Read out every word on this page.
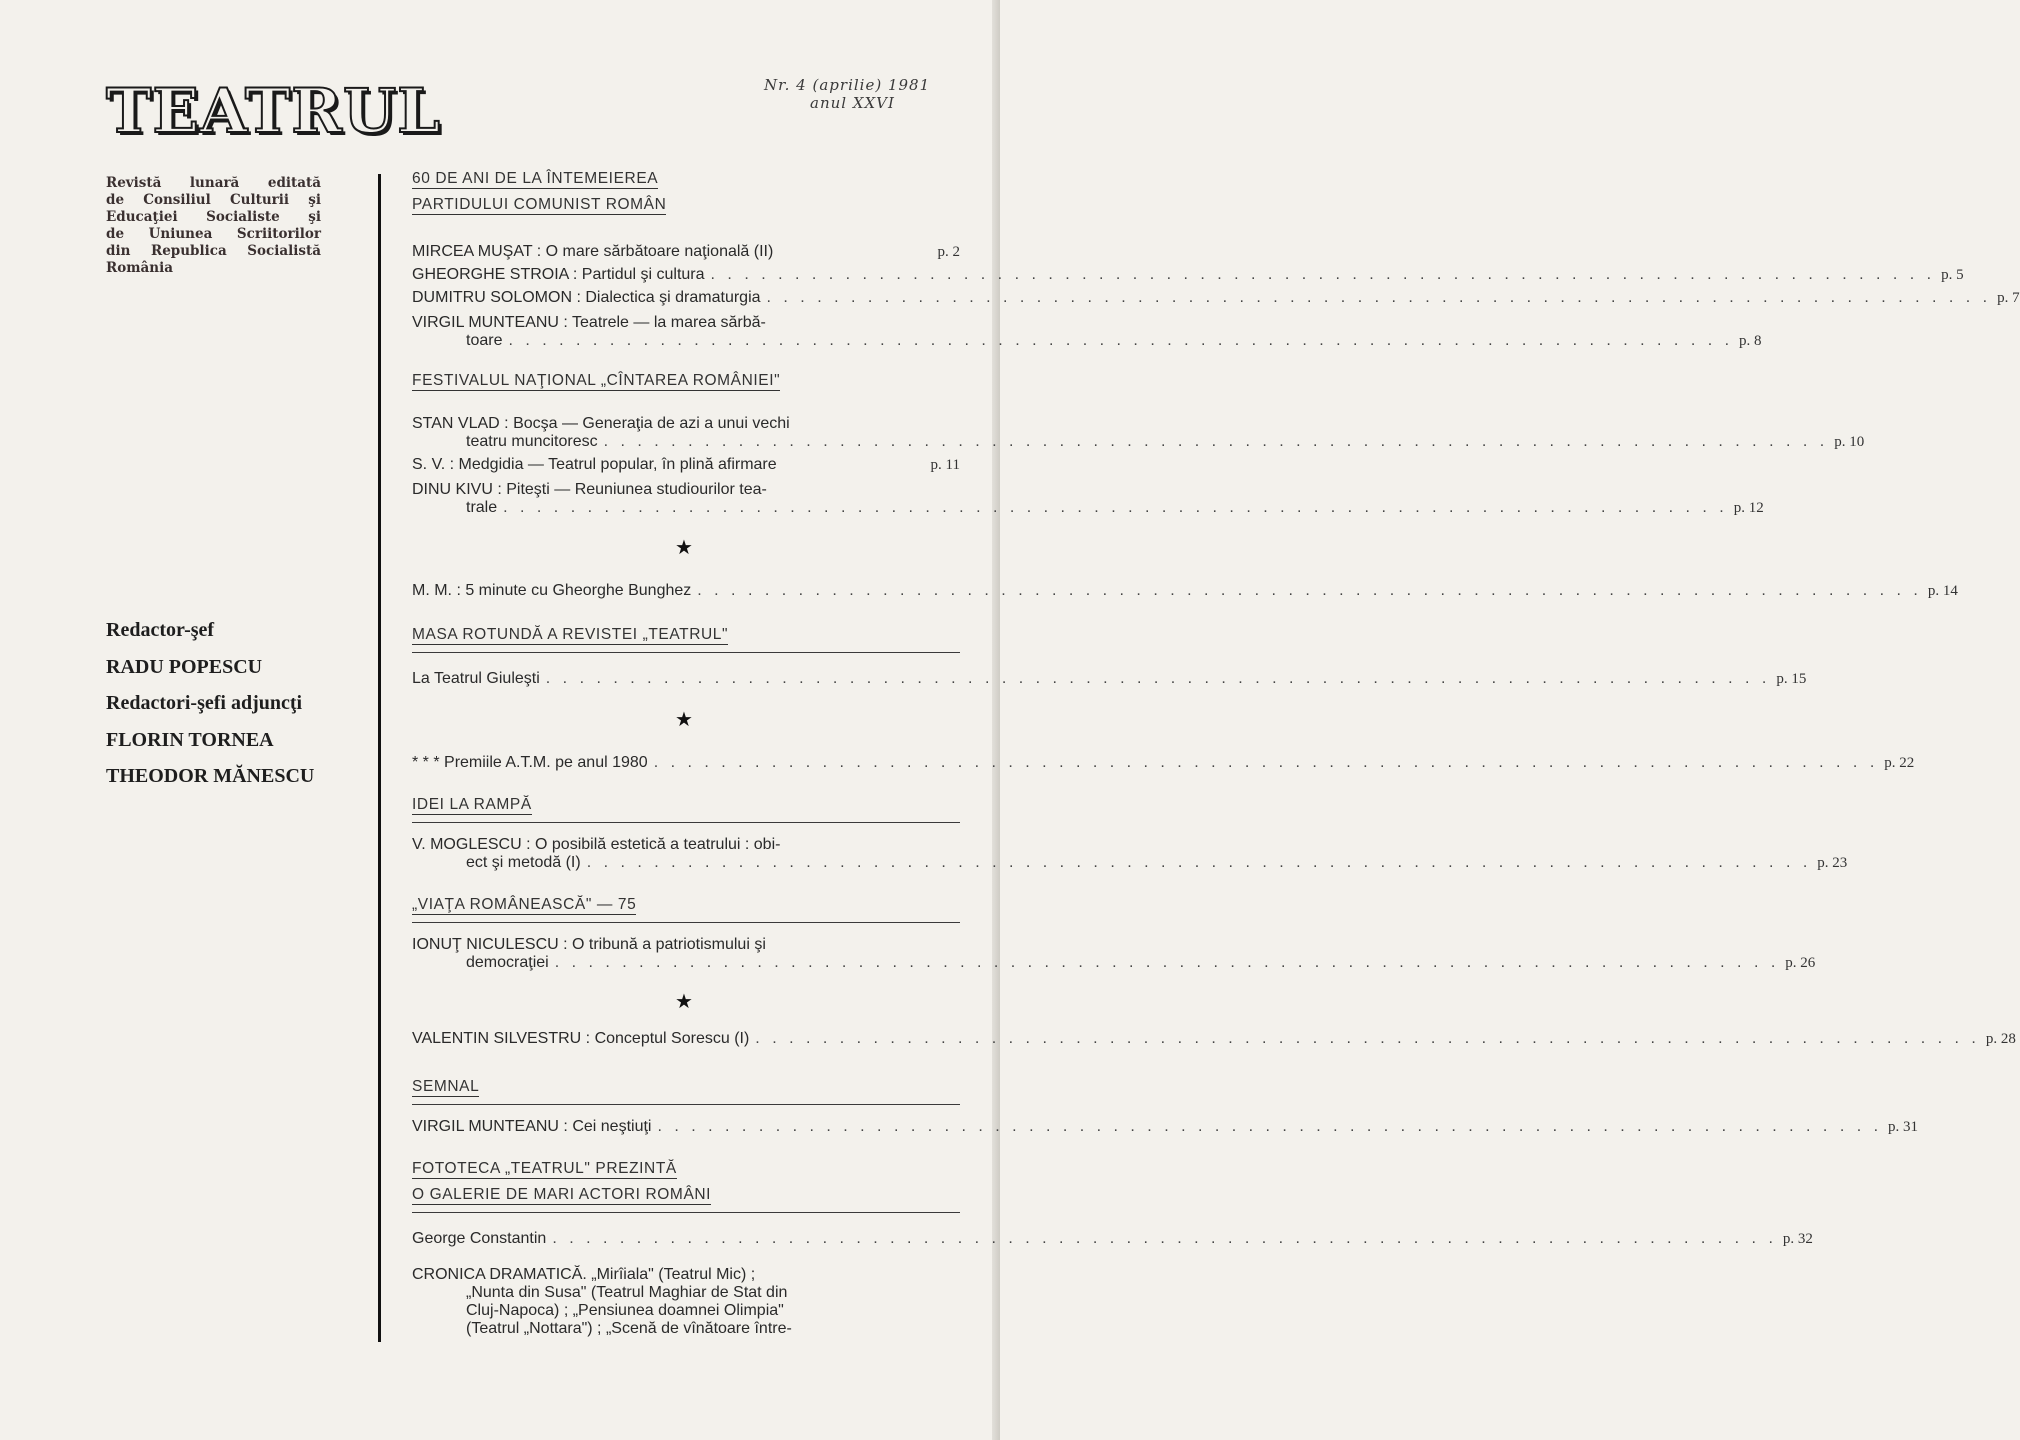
TEATRUL	Nr. 4 (aprilie) 1981
anul XXVI
Revistă lunară editată
de Consiliul Culturii şi
Educaţiei Socialiste şi
de Uniunea Scriitorilor
din Republica Socialistă
România
Redactor-şef
RADU POPESCU
Redactori-şefi adjuncţi
FLORIN TORNEA
THEODOR MĂNESCU
60 DE ANI DE LA ÎNTEMEIEREA
PARTIDULUI COMUNIST ROMÂN
MIRCEA MUŞAT : O mare sărbătoare naţională (II)	p. 2
GHEORGHE STROIA : Partidul şi cultura . . .	p. 5
DUMITRU SOLOMON : Dialectica şi dramaturgia . . .	p. 7
VIRGIL MUNTEANU : Teatrele — la marea sărbă-
toare . . .	p. 8
FESTIVALUL NAŢIONAL „CÎNTAREA ROMÂNIEI"
STAN VLAD : Bocşa — Generaţia de azi a unui vechi
teatru muncitoresc . . .	p. 10
S. V. : Medgidia — Teatrul popular, în plină afirmare	p. 11
DINU KIVU : Piteşti — Reuniunea studiourilor tea-
trale . . .	p. 12
★
M. M. : 5 minute cu Gheorghe Bunghez . . .	p. 14
MASA ROTUNDĂ A REVISTEI „TEATRUL"
La Teatrul Giuleşti . . .	p. 15
★
* * * Premiile A.T.M. pe anul 1980 . . .	p. 22
IDEI LA RAMPĂ
V. MOGLESCU : O posibilă estetică a teatrului : obi-
ect şi metodă (I) . . .	p. 23
„VIAŢA ROMÂNEASCĂ" — 75
IONUŢ NICULESCU : O tribună a patriotismului şi
democraţiei . . .	p. 26
★
VALENTIN SILVESTRU : Conceptul Sorescu (I) . . .	p. 28
SEMNAL
VIRGIL MUNTEANU : Cei neştiuţi . . .	p. 31
FOTOTECA „TEATRUL" PREZINTĂ
O GALERIE DE MARI ACTORI ROMÂNI
George Constantin . . .	p. 32
CRONICA DRAMATICĂ. „Mirîiala" (Teatrul Mic) ;
„Nunta din Susa" (Teatrul Maghiar de Stat din
Cluj-Napoca) ; „Pensiunea doamnei Olimpia"
(Teatrul „Nottara") ; „Scenă de vînătoare între-
